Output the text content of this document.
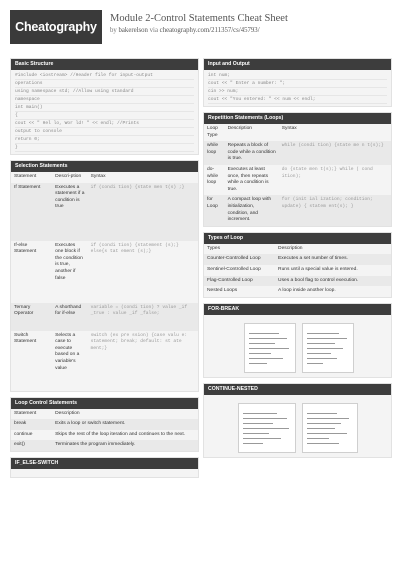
Cheatography
Module 2-Control Statements Cheat Sheet
by bakerelson via cheatography.com/211357/cs/45793/
Basic Structure
#include <iostream> //Header file for input-output
operations
using namespace std; //Allow using standard
namespace
int main()
{
cout << " Hel lo, Wor ld! " << endl; //Prints
output to console
return 0;
}
Selection Statements
Statement	Descri-ption	Syntax
If Statement	Executes a statement if a condition is true	if (condi tion) {state men t(s) ;}
If-else Statement	Executes one block if the condition is true, another if false	if (condi tion) {statement (s);} else{s tat ement (s);}
Ternary Operator	A shorthand for if-else	variable = (condi tion) ? value _if _true : value _if _false;
Switch Statement	Selects a case to execute based on a variable's value	switch (ex pre ssion) {case valu e: statement; break; default: st ate ment;}
Loop Control Statements
Statement	Description
break	Exits a loop or switch statement.
continue	Skips the rest of the loop iteration and continues to the next.
exit()	Terminates the program immediately.
IF_ELSE-SWITCH
Input and Output
int num;
cout << " Enter a number: ";
cin >> num;
cout << "You entered: " << num << endl;
Repetition Statements (Loops)
Loop Type	Description	Syntax
while loop	Repeats a block of code while a condition is true.	while (condi tion) {state me n t(s);}
do-while loop	Executes at least once, then repeats while a condition is true.	do {state men t(s);} while ( cond ition);
for Loop	A compact loop with initialization, condition, and increment.	for (init ial ization; condition; update) { statem ent(s); }
Types of Loop
Types	Description
Counter-Controlled Loop	Executes a set number of times.
Sentinel-Controlled Loop	Runs until a special value is entered.
Flag-Controlled Loop	Uses a bool flag to control execution.
Nested Loops	A loop inside another loop.
FOR-BREAK
CONTINUE-NESTED
